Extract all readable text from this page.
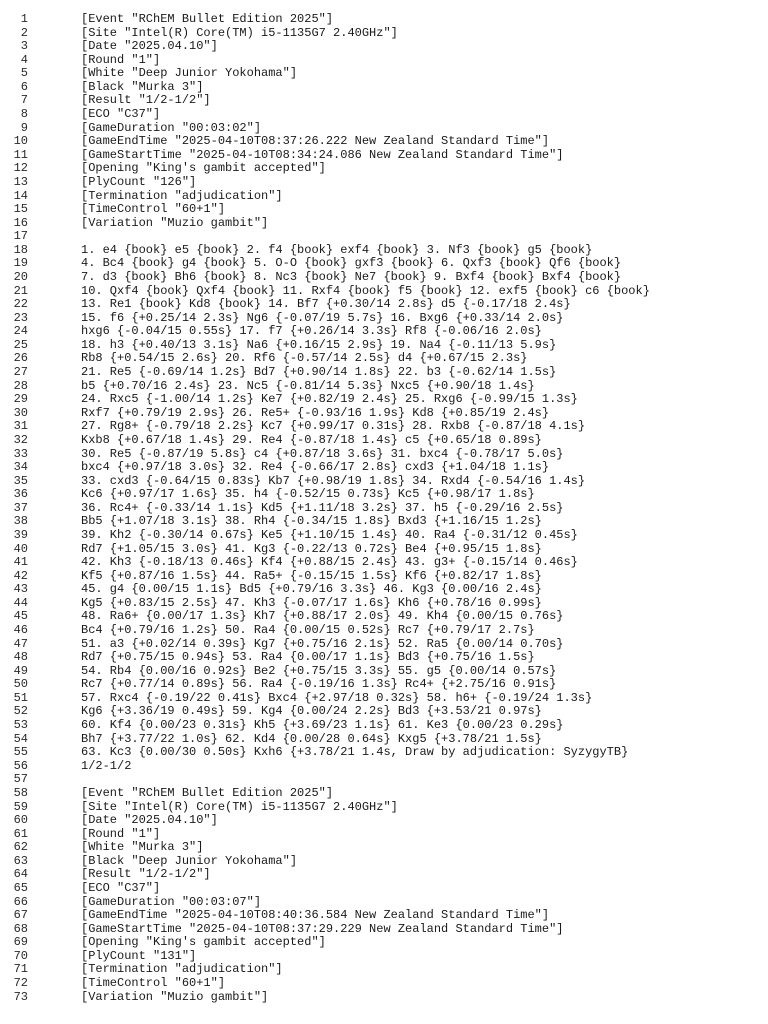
1	[Event "RChEM Bullet Edition 2025"]
2	[Site "Intel(R) Core(TM) i5-1135G7 2.40GHz"]
3	[Date "2025.04.10"]
4	[Round "1"]
5	[White "Deep Junior Yokohama"]
6	[Black "Murka 3"]
7	[Result "1/2-1/2"]
8	[ECO "C37"]
9	[GameDuration "00:03:02"]
10	[GameEndTime "2025-04-10T08:37:26.222 New Zealand Standard Time"]
11	[GameStartTime "2025-04-10T08:34:24.086 New Zealand Standard Time"]
12	[Opening "King's gambit accepted"]
13	[PlyCount "126"]
14	[Termination "adjudication"]
15	[TimeControl "60+1"]
16	[Variation "Muzio gambit"]
17
18	1. e4 {book} e5 {book} 2. f4 {book} exf4 {book} 3. Nf3 {book} g5 {book}
19	4. Bc4 {book} g4 {book} 5. O-O {book} gxf3 {book} 6. Qxf3 {book} Qf6 {book}
20	7. d3 {book} Bh6 {book} 8. Nc3 {book} Ne7 {book} 9. Bxf4 {book} Bxf4 {book}
21	10. Qxf4 {book} Qxf4 {book} 11. Rxf4 {book} f5 {book} 12. exf5 {book} c6 {book}
22	13. Re1 {book} Kd8 {book} 14. Bf7 {+0.30/14 2.8s} d5 {-0.17/18 2.4s}
23	15. f6 {+0.25/14 2.3s} Ng6 {-0.07/19 5.7s} 16. Bxg6 {+0.33/14 2.0s}
24	hxg6 {-0.04/15 0.55s} 17. f7 {+0.26/14 3.3s} Rf8 {-0.06/16 2.0s}
25	18. h3 {+0.40/13 3.1s} Na6 {+0.16/15 2.9s} 19. Na4 {-0.11/13 5.9s}
26	Rb8 {+0.54/15 2.6s} 20. Rf6 {-0.57/14 2.5s} d4 {+0.67/15 2.3s}
27	21. Re5 {-0.69/14 1.2s} Bd7 {+0.90/14 1.8s} 22. b3 {-0.62/14 1.5s}
28	b5 {+0.70/16 2.4s} 23. Nc5 {-0.81/14 5.3s} Nxc5 {+0.90/18 1.4s}
29	24. Rxc5 {-1.00/14 1.2s} Ke7 {+0.82/19 2.4s} 25. Rxg6 {-0.99/15 1.3s}
30	Rxf7 {+0.79/19 2.9s} 26. Re5+ {-0.93/16 1.9s} Kd8 {+0.85/19 2.4s}
31	27. Rg8+ {-0.79/18 2.2s} Kc7 {+0.99/17 0.31s} 28. Rxb8 {-0.87/18 4.1s}
32	Kxb8 {+0.67/18 1.4s} 29. Re4 {-0.87/18 1.4s} c5 {+0.65/18 0.89s}
33	30. Re5 {-0.87/19 5.8s} c4 {+0.87/18 3.6s} 31. bxc4 {-0.78/17 5.0s}
34	bxc4 {+0.97/18 3.0s} 32. Re4 {-0.66/17 2.8s} cxd3 {+1.04/18 1.1s}
35	33. cxd3 {-0.64/15 0.83s} Kb7 {+0.98/19 1.8s} 34. Rxd4 {-0.54/16 1.4s}
36	Kc6 {+0.97/17 1.6s} 35. h4 {-0.52/15 0.73s} Kc5 {+0.98/17 1.8s}
37	36. Rc4+ {-0.33/14 1.1s} Kd5 {+1.11/18 3.2s} 37. h5 {-0.29/16 2.5s}
38	Bb5 {+1.07/18 3.1s} 38. Rh4 {-0.34/15 1.8s} Bxd3 {+1.16/15 1.2s}
39	39. Kh2 {-0.30/14 0.67s} Ke5 {+1.10/15 1.4s} 40. Ra4 {-0.31/12 0.45s}
40	Rd7 {+1.05/15 3.0s} 41. Kg3 {-0.22/13 0.72s} Be4 {+0.95/15 1.8s}
41	42. Kh3 {-0.18/13 0.46s} Kf4 {+0.88/15 2.4s} 43. g3+ {-0.15/14 0.46s}
42	Kf5 {+0.87/16 1.5s} 44. Ra5+ {-0.15/15 1.5s} Kf6 {+0.82/17 1.8s}
43	45. g4 {0.00/15 1.1s} Bd5 {+0.79/16 3.3s} 46. Kg3 {0.00/16 2.4s}
44	Kg5 {+0.83/15 2.5s} 47. Kh3 {-0.07/17 1.6s} Kh6 {+0.78/16 0.99s}
45	48. Ra6+ {0.00/17 1.3s} Kh7 {+0.88/17 2.0s} 49. Kh4 {0.00/15 0.76s}
46	Bc4 {+0.79/16 1.2s} 50. Ra4 {0.00/15 0.52s} Rc7 {+0.79/17 2.7s}
47	51. a3 {+0.02/14 0.39s} Kg7 {+0.75/16 2.1s} 52. Ra5 {0.00/14 0.70s}
48	Rd7 {+0.75/15 0.94s} 53. Ra4 {0.00/17 1.1s} Bd3 {+0.75/16 1.5s}
49	54. Rb4 {0.00/16 0.92s} Be2 {+0.75/15 3.3s} 55. g5 {0.00/14 0.57s}
50	Rc7 {+0.77/14 0.89s} 56. Ra4 {-0.19/16 1.3s} Rc4+ {+2.75/16 0.91s}
51	57. Rxc4 {-0.19/22 0.41s} Bxc4 {+2.97/18 0.32s} 58. h6+ {-0.19/24 1.3s}
52	Kg6 {+3.36/19 0.49s} 59. Kg4 {0.00/24 2.2s} Bd3 {+3.53/21 0.97s}
53	60. Kf4 {0.00/23 0.31s} Kh5 {+3.69/23 1.1s} 61. Ke3 {0.00/23 0.29s}
54	Bh7 {+3.77/22 1.0s} 62. Kd4 {0.00/28 0.64s} Kxg5 {+3.78/21 1.5s}
55	63. Kc3 {0.00/30 0.50s} Kxh6 {+3.78/21 1.4s, Draw by adjudication: SyzygyTB}
56	1/2-1/2
57
58	[Event "RChEM Bullet Edition 2025"]
59	[Site "Intel(R) Core(TM) i5-1135G7 2.40GHz"]
60	[Date "2025.04.10"]
61	[Round "1"]
62	[White "Murka 3"]
63	[Black "Deep Junior Yokohama"]
64	[Result "1/2-1/2"]
65	[ECO "C37"]
66	[GameDuration "00:03:07"]
67	[GameEndTime "2025-04-10T08:40:36.584 New Zealand Standard Time"]
68	[GameStartTime "2025-04-10T08:37:29.229 New Zealand Standard Time"]
69	[Opening "King's gambit accepted"]
70	[PlyCount "131"]
71	[Termination "adjudication"]
72	[TimeControl "60+1"]
73	[Variation "Muzio gambit"]
